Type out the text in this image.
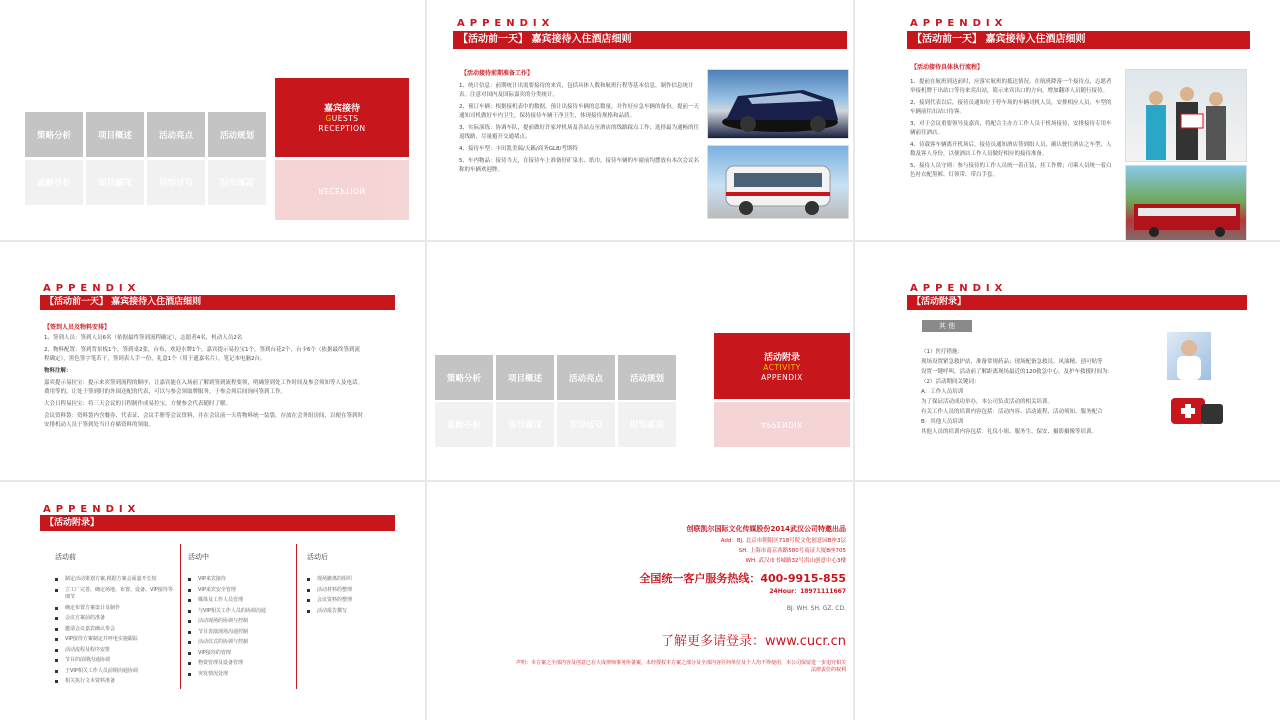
策略分析	项目概述	活动亮点	活动规划
策略分析	项目概述	活动亮点	活动规划
嘉宾接待
GUESTS
RECEPTION
RECEPTION
APPENDIX
【活动前一天】 嘉宾接待入住酒店细则
【活动接待前期准备工作】
1、统计信息：前期统计出需要接待的来宾，包括具体人数和航班行程等基本信息，制作信息统计表。注意对国内及国际嘉宾的分类统计。
2、预订车辆：根据接机表中的数据，预计出接待车辆的总数量，并作好应急车辆的备份。提前一天通知司机做好车内卫生，保持接待车辆干净卫生，体现接待规格和品质。
3、实际演练：协调车队，提前做好许家坪机场及各站点至酒店的线路踩点工作；选择最为通畅的往返线路，尽量避开交通堵点。
4、接待车型：丰田凯美瑞/天籁/商务GL8/考斯特
5、车内物品：接待当天，在接待车上准备好矿泉水、纸巾，接待车辆的车窗前均摆放有本次会议名称的车辆欢迎牌。
APPENDIX
【活动前一天】 嘉宾接待入住酒店细则
【活动接待具体执行流程】
1、提前在航班到达前时，应落实航班的抵达情况。在航班降落一个接待点，志愿者举接机牌于出站口等待来宾出站，简示来宾出口的方向，增加翻译人员随行接待。
2、接到代表以后，接待员通知位于停车场的车辆司机人员，安排相应人员，车型的车辆前往出站口待客。
3、对于会议重要领导及嘉宾，将配合主办方工作人员于机场接待，安排接待专用车辆前往酒店。
4、待载客车辆离开机场后，接待员通知酒店签到组人员，确认驶往酒店之车型、人数及客人身份，以便酒店工作人员做好相应的接待准备。
5、接待人员守则：参与接待的工作人员统一着正装，挂工作牌；司乘人员统一着白色衬衣配黑裤、灯领带、带白手套。
APPENDIX
【活动前一天】 嘉宾接待入住酒店细则
【签到人员及物料安排】
1、签到人员：签到人员6名（依据最终签到流程确定），志愿者4名，机动人员2名
2、物料配置：签到背景板1个，签到桌2张，台布，欢迎水牌1个，嘉宾提示易拉宝1个，签到台花2个，台卡6个（依据最终签到流程确定），黑色签字笔若干，签到表人手一份，礼盒1个（用于遗嘉名片），笔记本电脑2台。
物料注解：
嘉宾提示易拉宝：提示来宾签到流程的顺序，让嘉宾能在入场前了解到签到流程要领，明确签到处工作时间及参会须知等人及电话。费用等的，让处于签到时的外围还配的代表，可以与参会领取牌服务，于参会须后间询问签到工作。
大会日程易拉宝：将三天会议的日程制作成易拉宝，方便参会代表随时了解。
会议资料袋：资料袋内含餐券、代表证、会议手册等会议资料，并在会议前一天将物料统一装袋，存放在会务组房间，以便在签到时安排机动人员于签到处当日存储资料的领取。
策略分析	项目概述	活动亮点	活动规划
策略分析	项目概述	活动亮点	活动规划
活动附录
ACTIVITY
APPENDIX
APPENDIX
APPENDIX
【活动附录】
其 他
（1）医疗措施：
现场设置紧急救护站，准备常规药品；现场配备急救员、风油精、创可贴等
设置一键呼叫，活动前了解距离现场最近的120救急中心，及护车救援时间为：
（2）活动期间关键词：
A：工作人员培训
为了保证活动成功举办，本公司负责活动的相关培训。
有关工作人员的培训内容包括：活动内容、活动流程、活动须知、服务配合
B：其他人员培训
其他人员的培训内容包括：礼仪小姐、服务生、保安、摄影摄像等培训。
APPENDIX
【活动附录】
活动前
制定活动策划方案,根据方案会面嘉开长短
立工厂完善，确定场地、布置、设备、VIP接待等细节
确定布置方案设计及制作
会议方案前的准备
邀请会议嘉宾确认参会
VIP接待方案制定并呼电实施跟踪
活动流程及程序安排
节目的前期沟通协调
于VIP相关工作人员前期沟通协调
相关执行文本资料准备
活动中
VIP来宾接待
VIP来宾安全管理
媒体及工作人员管理
与VIP相关工作人员的协调沟通
活动现场的协调与控制
节目表演现场沟通控制
活动仪式的协调与控制
VIP接待的管理
物资管理及设备管理
突发情况处理
活动后
现场撤离的组织
活动材料的整理
会议资料的整理
活动报告撰写
创联凯尔国际文化传媒股份2014武汉公司特邀出品
Add：BJ. 北京市朝阳区718号院文化创意园B座3层
SH. 上海市南京西路580号南证大厦B座705
WH. 武汉市书城路32号洪山创意中心3楼
全国统一客户服务热线：400-9915-855
24Hour：18971111667
BJ. WH. SH. GZ. CD.
了解更多请登录：www.cucr.cn
声明：本方案之全部内容及创意已在大成律师事务所备案，未经授权本方案之部分及全部内容任何单位及个人均不得使用，本公司保留进一步追究相关法律责任的权利
